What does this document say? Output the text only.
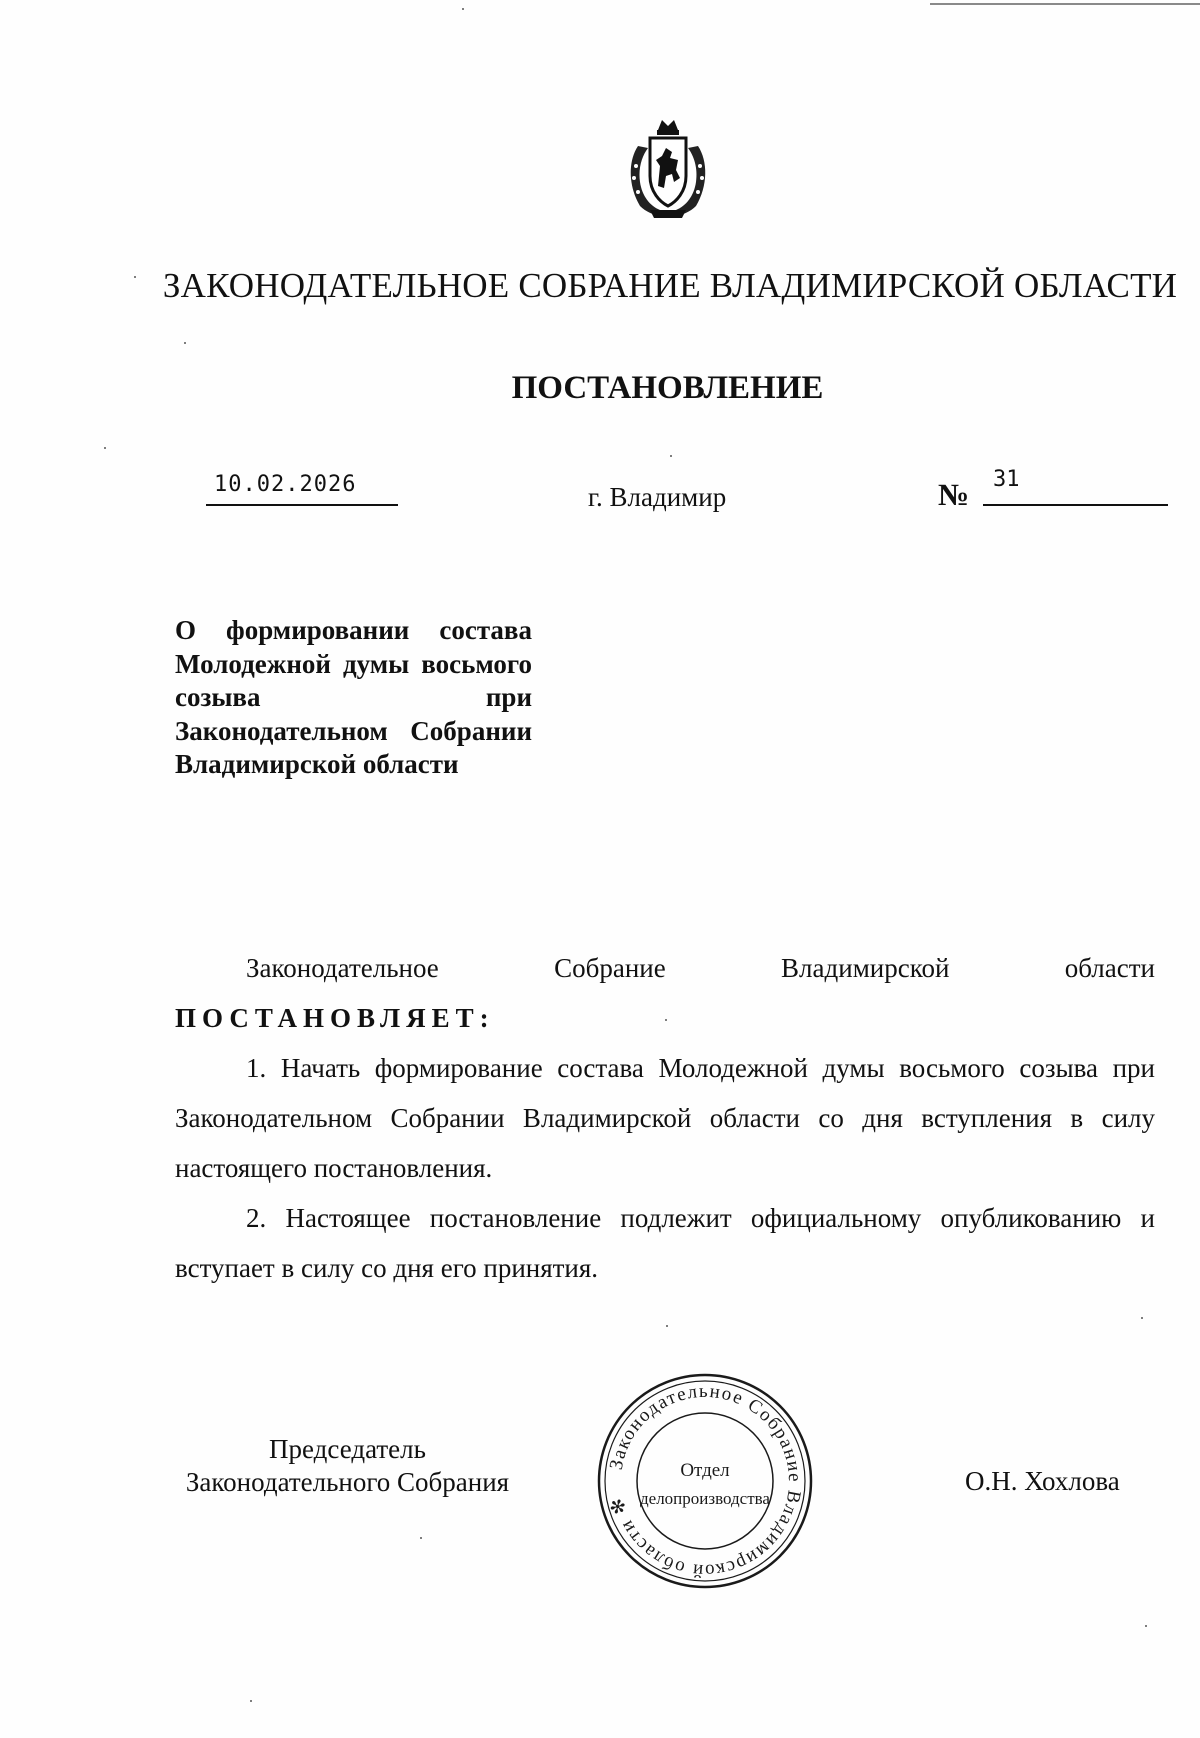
ЗАКОНОДАТЕЛЬНОЕ СОБРАНИЕ ВЛАДИМИРСКОЙ ОБЛАСТИ
ПОСТАНОВЛЕНИЕ
10.02.2026	г. Владимир	№ 31
О формировании состава Молодежной думы восьмого созыва при Законодательном Собрании Владимирской области
Законодательное	Собрание	Владимирской	области
ПОСТАНОВЛЯЕТ:

1. Начать формирование состава Молодежной думы восьмого созыва при Законодательном Собрании Владимирской области со дня вступления в силу настоящего постановления.

2. Настоящее постановление подлежит официальному опубликованию и вступает в силу со дня его принятия.

Председатель
Законодательного Собрания
Законодательное Собрание Владимирской области ✻
Отдел
делопроизводства
О.Н. Хохлова
